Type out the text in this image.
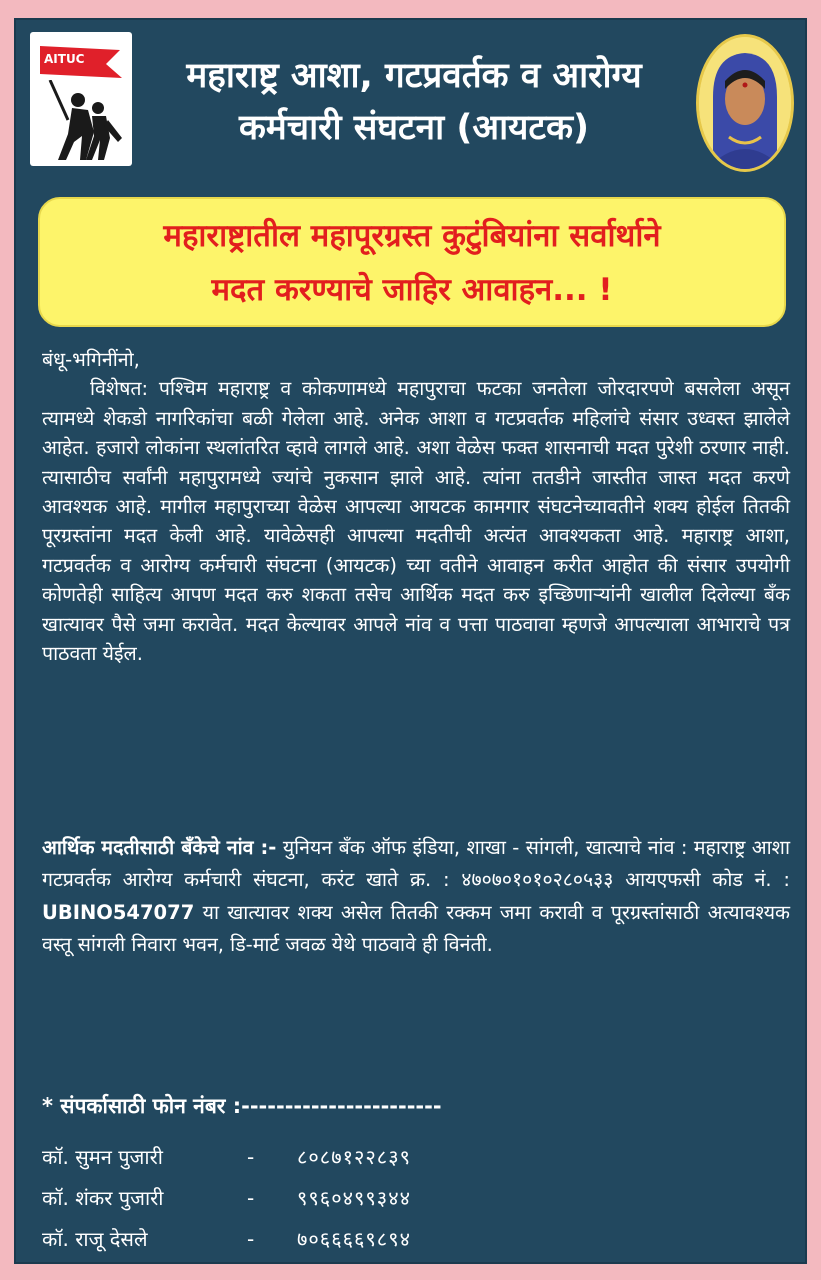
AITUC	महाराष्ट्र आशा, गटप्रवर्तक व आरोग्य
कर्मचारी संघटना (आयटक)
महाराष्ट्रातील महापूरग्रस्त कुटुंबियांना सर्वार्थाने
मदत करण्याचे जाहिर आवाहन... !

बंधू-भगिनींनो,

विशेषत: पश्चिम महाराष्ट्र व कोकणामध्ये महापुराचा फटका जनतेला जोरदारपणे बसलेला असून त्यामध्ये शेकडो नागरिकांचा बळी गेलेला आहे. अनेक आशा व गटप्रवर्तक महिलांचे संसार उध्वस्त झालेले आहेत. हजारो लोकांना स्थलांतरित व्हावे लागले आहे. अशा वेळेस फक्त शासनाची मदत पुरेशी ठरणार नाही. त्यासाठीच सर्वांनी महापुरामध्ये ज्यांचे नुकसान झाले आहे. त्यांना ततडीने जास्तीत जास्त मदत करणे आवश्यक आहे. मागील महापुराच्या वेळेस आपल्या आयटक कामगार संघटनेच्यावतीने शक्य होईल तितकी पूरग्रस्तांना मदत केली आहे. यावेळेसही आपल्या मदतीची अत्यंत आवश्यकता आहे. महाराष्ट्र आशा, गटप्रवर्तक व आरोग्य कर्मचारी संघटना (आयटक) च्या वतीने आवाहन करीत आहोत की संसार उपयोगी कोणतेही साहित्य आपण मदत करु शकता तसेच आर्थिक मदत करु इच्छिणाऱ्यांनी खालील दिलेल्या बँक खात्यावर पैसे जमा करावेत. मदत केल्यावर आपले नांव व पत्ता पाठवावा म्हणजे आपल्याला आभाराचे पत्र पाठवता येईल.

आर्थिक मदतीसाठी बँकेचे नांव :- युनियन बँक ऑफ इंडिया, शाखा - सांगली, खात्याचे नांव : महाराष्ट्र आशा गटप्रवर्तक आरोग्य कर्मचारी संघटना, करंट खाते क्र. : ४७०७०१०१०२८०५३३ आयएफसी कोड नं. : UBINO547077 या खात्यावर शक्य असेल तितकी रक्कम जमा करावी व पूरग्रस्तांसाठी अत्यावश्यक वस्तू सांगली निवारा भवन, डि-मार्ट जवळ येथे पाठवावे ही विनंती.
* संपर्कासाठी फोन नंबर :-----------------------
कॉ. सुमन पुजारी	-	८०८७१२२८३९
कॉ. शंकर पुजारी	-	९९६०४९९३४४
कॉ. राजू देसले	-	७०६६६६९८९४
